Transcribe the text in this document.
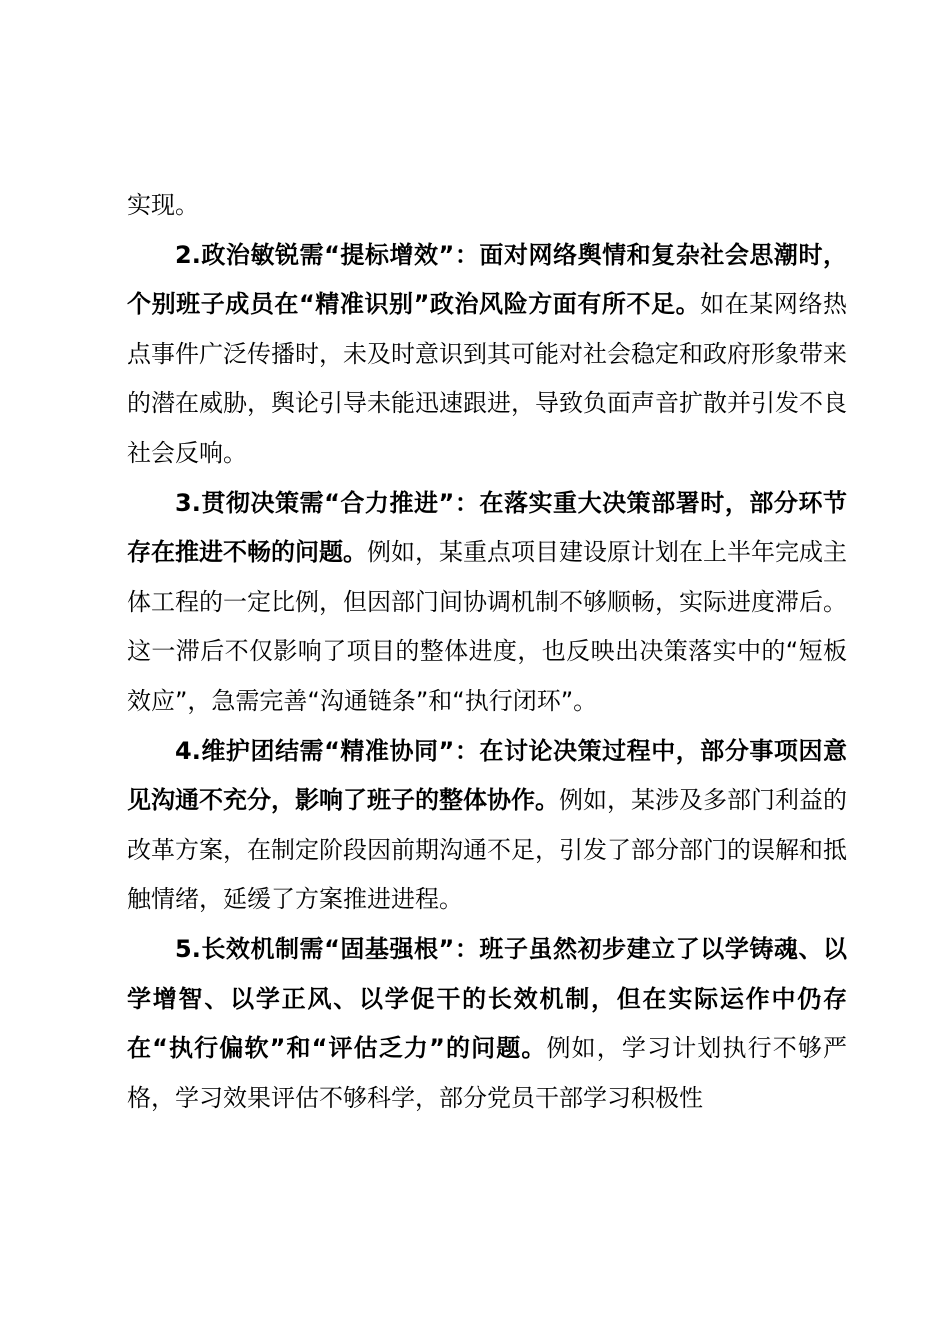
实现。

2.政治敏锐需“提标增效”：面对网络舆情和复杂社会思潮时，个别班子成员在“精准识别”政治风险方面有所不足。如在某网络热点事件广泛传播时，未及时意识到其可能对社会稳定和政府形象带来的潜在威胁，舆论引导未能迅速跟进，导致负面声音扩散并引发不良社会反响。

3.贯彻决策需“合力推进”：在落实重大决策部署时，部分环节存在推进不畅的问题。例如，某重点项目建设原计划在上半年完成主体工程的一定比例，但因部门间协调机制不够顺畅，实际进度滞后。这一滞后不仅影响了项目的整体进度，也反映出决策落实中的“短板效应”，急需完善“沟通链条”和“执行闭环”。

4.维护团结需“精准协同”：在讨论决策过程中，部分事项因意见沟通不充分，影响了班子的整体协作。例如，某涉及多部门利益的改革方案，在制定阶段因前期沟通不足，引发了部分部门的误解和抵触情绪，延缓了方案推进进程。

5.长效机制需“固基强根”：班子虽然初步建立了以学铸魂、以学增智、以学正风、以学促干的长效机制，但在实际运作中仍存在“执行偏软”和“评估乏力”的问题。例如，学习计划执行不够严格，学习效果评估不够科学，部分党员干部学习积极性
